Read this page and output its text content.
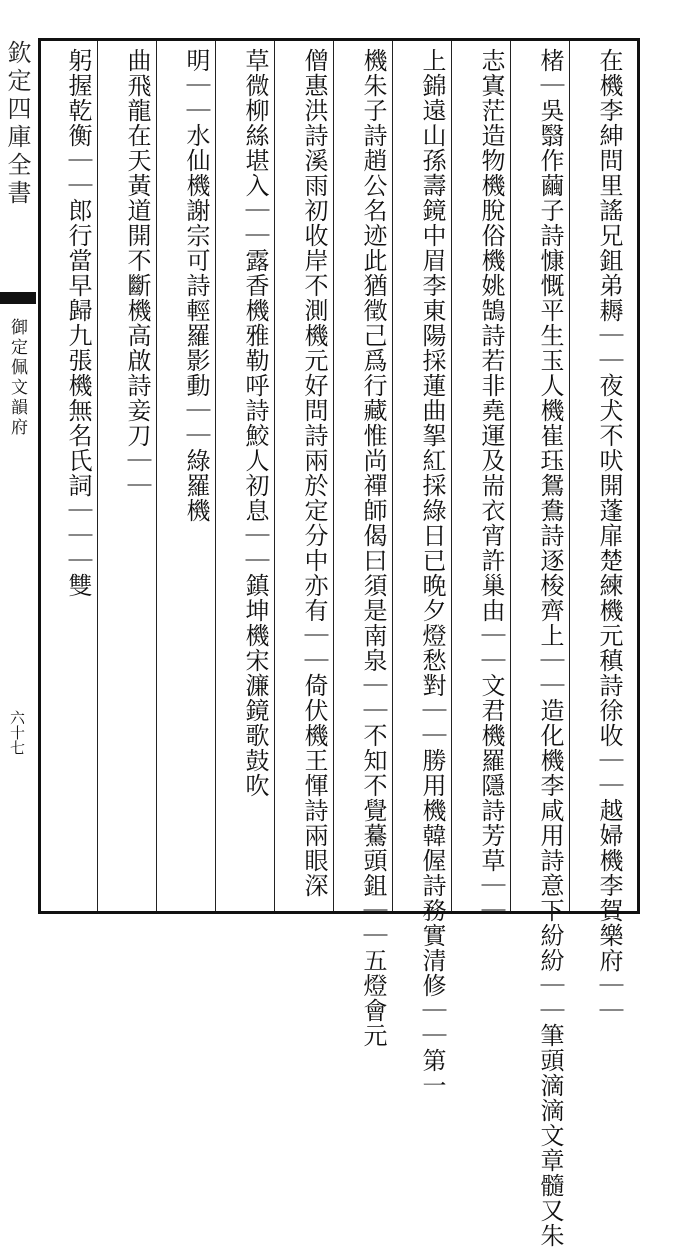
欽定四庫全書
御定佩文韻府
六十七
在機李紳問里謠兄鉏弟耨｜｜夜犬不吠開蓬扉楚練機元稹詩徐收｜｜越婦機李賀樂府｜｜
楮｜吳翳作繭子詩慷慨平生玉人機崔珏鴛鴦詩逐梭齊上｜｜造化機李咸用詩意下紛紛｜｜筆頭滴滴文章髓又朱
志寘茫造物機脫俗機姚鵠詩若非堯運及耑衣宵許巢由｜｜文君機羅隱詩芳草｜｜
上錦遠山孫壽鏡中眉李東陽採蓮曲挐紅採綠日已晚夕燈愁對｜｜勝用機韓偓詩務實清修｜｜第一
機朱子詩趙公名迹此猶徵己爲行藏惟尚禪師偈曰須是南泉｜｜不知不覺驀頭鉏｜｜五燈會元
僧惠洪詩溪雨初收岸不測機元好問詩兩於定分中亦有｜｜倚伏機王惲詩兩眼深
草微柳絲堪入｜｜露香機雅勒呼詩鮫人初息｜｜鎮坤機宋濂鏡歌鼓吹
明｜｜水仙機謝宗可詩輕羅影動｜｜綠羅機
曲飛龍在天黃道開不斷機高啟詩妾刀｜｜
躬握乾衡｜｜郎行當早歸九張機無名氏詞｜｜｜雙
